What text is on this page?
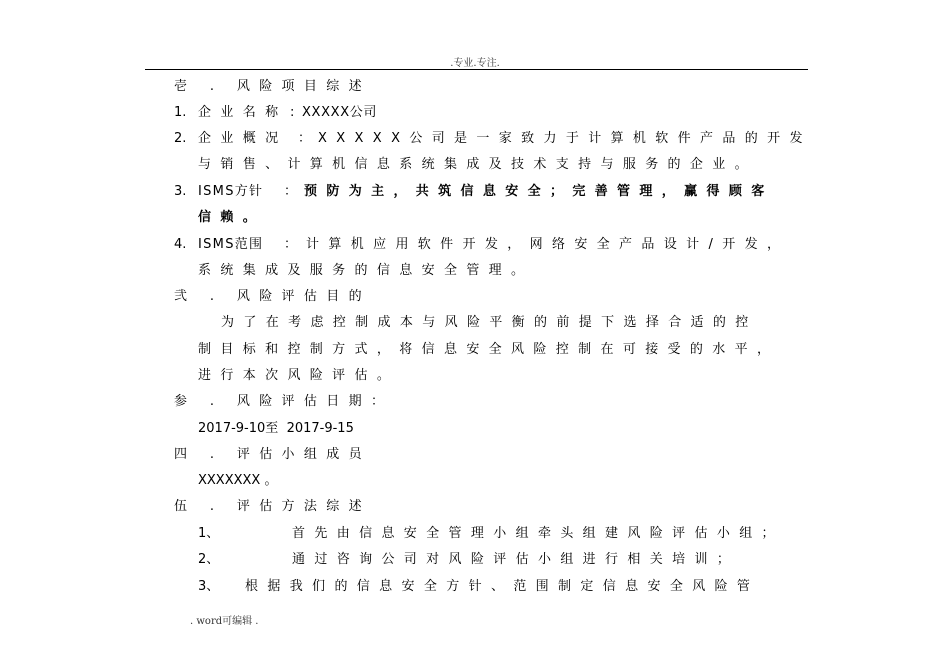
.专业.专注.
壱 . 风险项目综述
1. 企业名称 : XXXXX公司
2. 企业概况 ： XXXXX公司是一家致力于计算机软件产品的开发
与销售、计算机信息系统集成及技术支持与服务的企业。
3. ISMS方针 ： 预防为主，共筑信息安全；完善管理，赢得顾客
信赖。
4. ISMS范围 ： 计算机应用软件开发，网络安全产品设计/开发，
系统集成及服务的信息安全管理。
弐 . 风险评估目的
为了在考虑控制成本与风险平衡的前提下选择合适的控
制目标和控制方式，将信息安全风险控制在可接受的水平，
进行本次风险评估。
参 . 风险评估日期：
2017-9-10至 2017-9-15
四 . 评估小组成员
XXXXXXX 。
伍 . 评估方法综述
1、	首先由信息安全管理小组牵头组建风险评估小组；
2、	通过咨询公司对风险评估小组进行相关培训；
3、 根据我们的信息安全方针、范围制定信息安全风险管
. word可编辑 .
